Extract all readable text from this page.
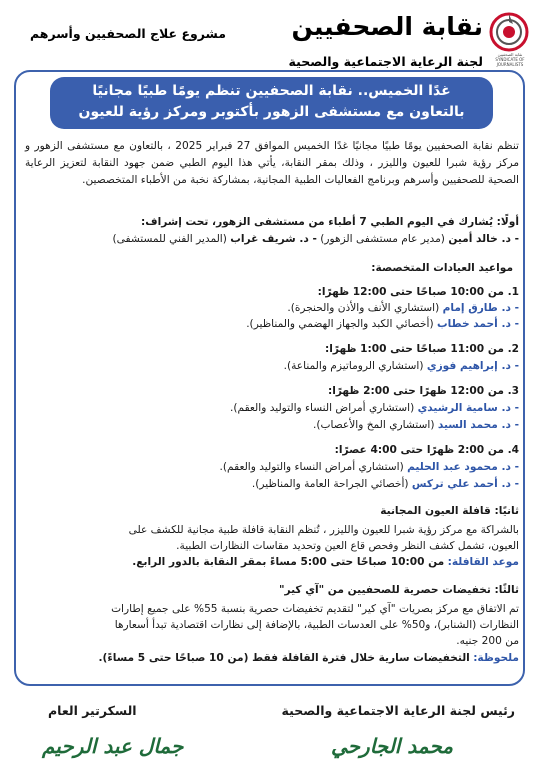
نقابة الصحفيين
SYNDICATE OF JOURNALISTS
نقابة الصحفيين
لجنة الرعاية الاجتماعية والصحية
مشروع علاج الصحفيين وأسرهم
غدًا الخميس.. نقابة الصحفيين تنظم يومًا طبيًا مجانيًا
بالتعاون مع مستشفى الزهور بأكتوبر ومركز رؤية للعيون
تنظم نقابة الصحفيين يومًا طبيًا مجانيًا غدًا الخميس الموافق 27 فبراير 2025 ، بالتعاون مع مستشفى الزهور و مركز رؤية شبرا للعيون والليزر ، وذلك بمقر النقابة، يأتي هذا اليوم الطبي ضمن جهود النقابة لتعزيز الرعاية الصحية للصحفيين وأسرهم وبرنامج الفعاليات الطبية المجانية، بمشاركة نخبة من الأطباء المتخصصين.
أولًا: يُشارك في اليوم الطبي 7 أطباء من مستشفى الزهور، تحت إشراف:
- د. خالد أمين (مدير عام مستشفى الزهور) - د. شريف غراب (المدير الفني للمستشفى)
مواعيد العيادات المتخصصة:
1. من 10:00 صباحًا حتى 12:00 ظهرًا:
- د. طارق إمام (استشاري الأنف والأذن والحنجرة).
- د. أحمد خطاب (أخصائي الكبد والجهاز الهضمي والمناظير).
2. من 11:00 صباحًا حتى 1:00 ظهرًا:
- د. إبراهيم فوزي (استشاري الروماتيزم والمناعة).
3. من 12:00 ظهرًا حتى 2:00 ظهرًا:
- د. سامية الرشيدي (استشاري أمراض النساء والتوليد والعقم).
- د. محمد السيد (استشاري المخ والأعصاب).
4. من 2:00 ظهرًا حتى 4:00 عصرًا:
- د. محمود عبد الحليم (استشاري أمراض النساء والتوليد والعقم).
- د. أحمد علي تركس (أخصائي الجراحة العامة والمناظير).
ثانيًا: قافلة العيون المجانية
بالشراكة مع مركز رؤية شبرا للعيون والليزر ، تُنظم النقابة قافلة طبية مجانية للكشف على
العيون، تشمل كشف النظر وفحص قاع العين وتحديد مقاسات النظارات الطبية.
موعد القافلة: من 10:00 صباحًا حتى 5:00 مساءً بمقر النقابة بالدور الرابع.
ثالثًا: تخفيضات حصرية للصحفيين من "آي كير"
تم الاتفاق مع مركز بصريات "آي كير" لتقديم تخفيضات حصرية بنسبة 55% على جميع إطارات
النظارات (الشنابر)، و50% على العدسات الطبية، بالإضافة إلى نظارات اقتصادية تبدأ أسعارها
من 200 جنيه.
ملحوظة: التخفيضات سارية خلال فترة القافلة فقط (من 10 صباحًا حتى 5 مساءً).
رئيس لجنة الرعاية الاجتماعية والصحية
السكرتير العام
محمد الجارحي
جمال عبد الرحيم
